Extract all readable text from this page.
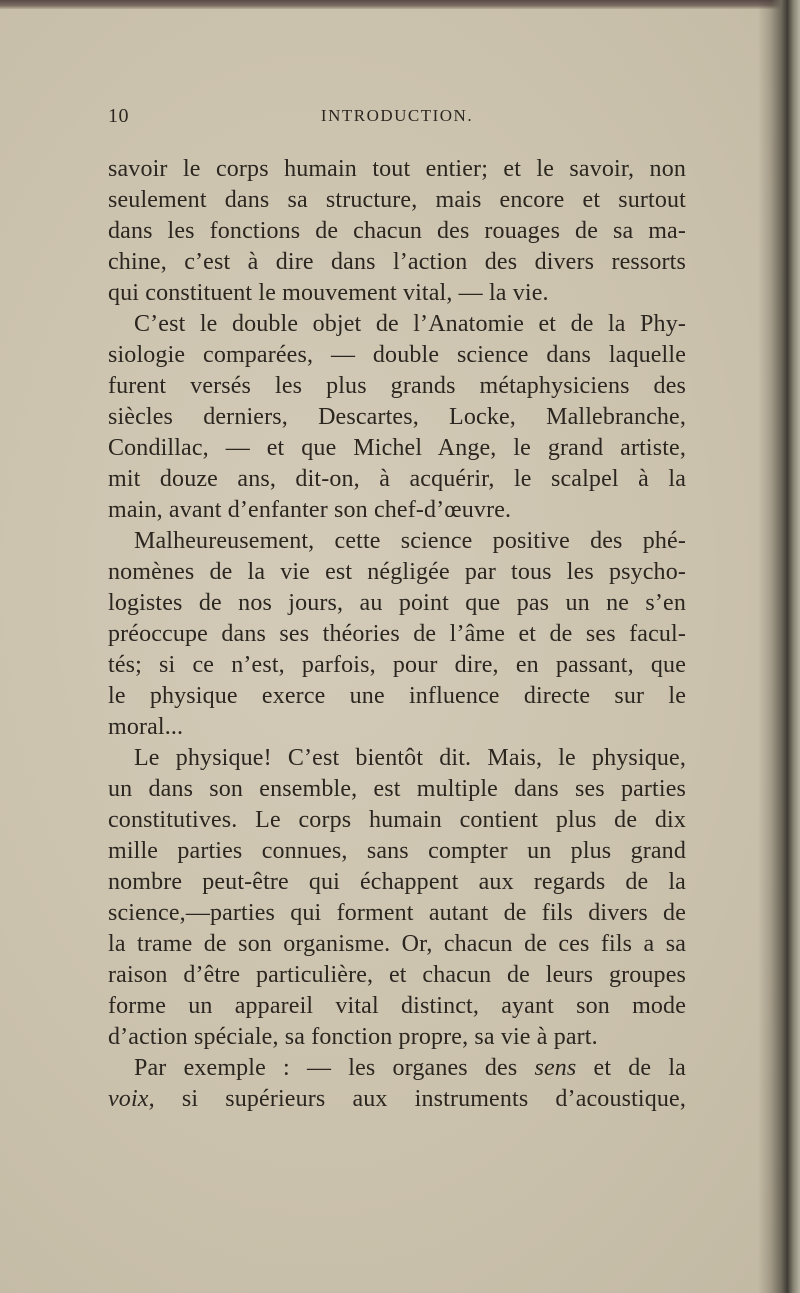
10	INTRODUCTION.
savoir le corps humain tout entier; et le savoir, non
seulement dans sa structure, mais encore et surtout
dans les fonctions de chacun des rouages de sa ma-
chine, c’est à dire dans l’action des divers ressorts
qui constituent le mouvement vital, — la vie.
C’est le double objet de l’Anatomie et de la Phy-
siologie comparées, — double science dans laquelle
furent versés les plus grands métaphysiciens des
siècles derniers, Descartes, Locke, Mallebranche,
Condillac, — et que Michel Ange, le grand artiste,
mit douze ans, dit-on, à acquérir, le scalpel à la
main, avant d’enfanter son chef-d’œuvre.
Malheureusement, cette science positive des phé-
nomènes de la vie est négligée par tous les psycho-
logistes de nos jours, au point que pas un ne s’en
préoccupe dans ses théories de l’âme et de ses facul-
tés; si ce n’est, parfois, pour dire, en passant, que
le physique exerce une influence directe sur le
moral...
Le physique! C’est bientôt dit. Mais, le physique,
un dans son ensemble, est multiple dans ses parties
constitutives. Le corps humain contient plus de dix
mille parties connues, sans compter un plus grand
nombre peut-être qui échappent aux regards de la
science,—parties qui forment autant de fils divers de
la trame de son organisme. Or, chacun de ces fils a sa
raison d’être particulière, et chacun de leurs groupes
forme un appareil vital distinct, ayant son mode
d’action spéciale, sa fonction propre, sa vie à part.
Par exemple : — les organes des sens et de la
voix, si supérieurs aux instruments d’acoustique,
